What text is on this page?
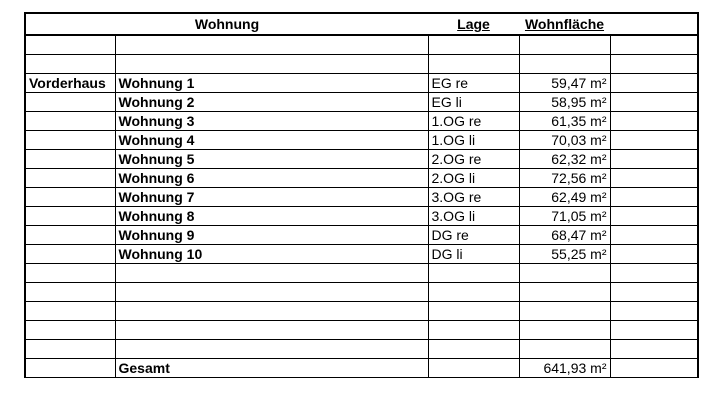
Wohnung		Lage	Wohnfläche	

Vorderhaus	Wohnung 1	EG re	59,47 m²	
	Wohnung 2	EG li	58,95 m²	
	Wohnung 3	1.OG re	61,35 m²	
	Wohnung 4	1.OG li	70,03 m²	
	Wohnung 5	2.OG re	62,32 m²	
	Wohnung 6	2.OG li	72,56 m²	
	Wohnung 7	3.OG re	62,49 m²	
	Wohnung 8	3.OG li	71,05 m²	
	Wohnung 9	DG re	68,47 m²	
	Wohnung 10	DG li	55,25 m²	

	Gesamt		641,93 m²	
